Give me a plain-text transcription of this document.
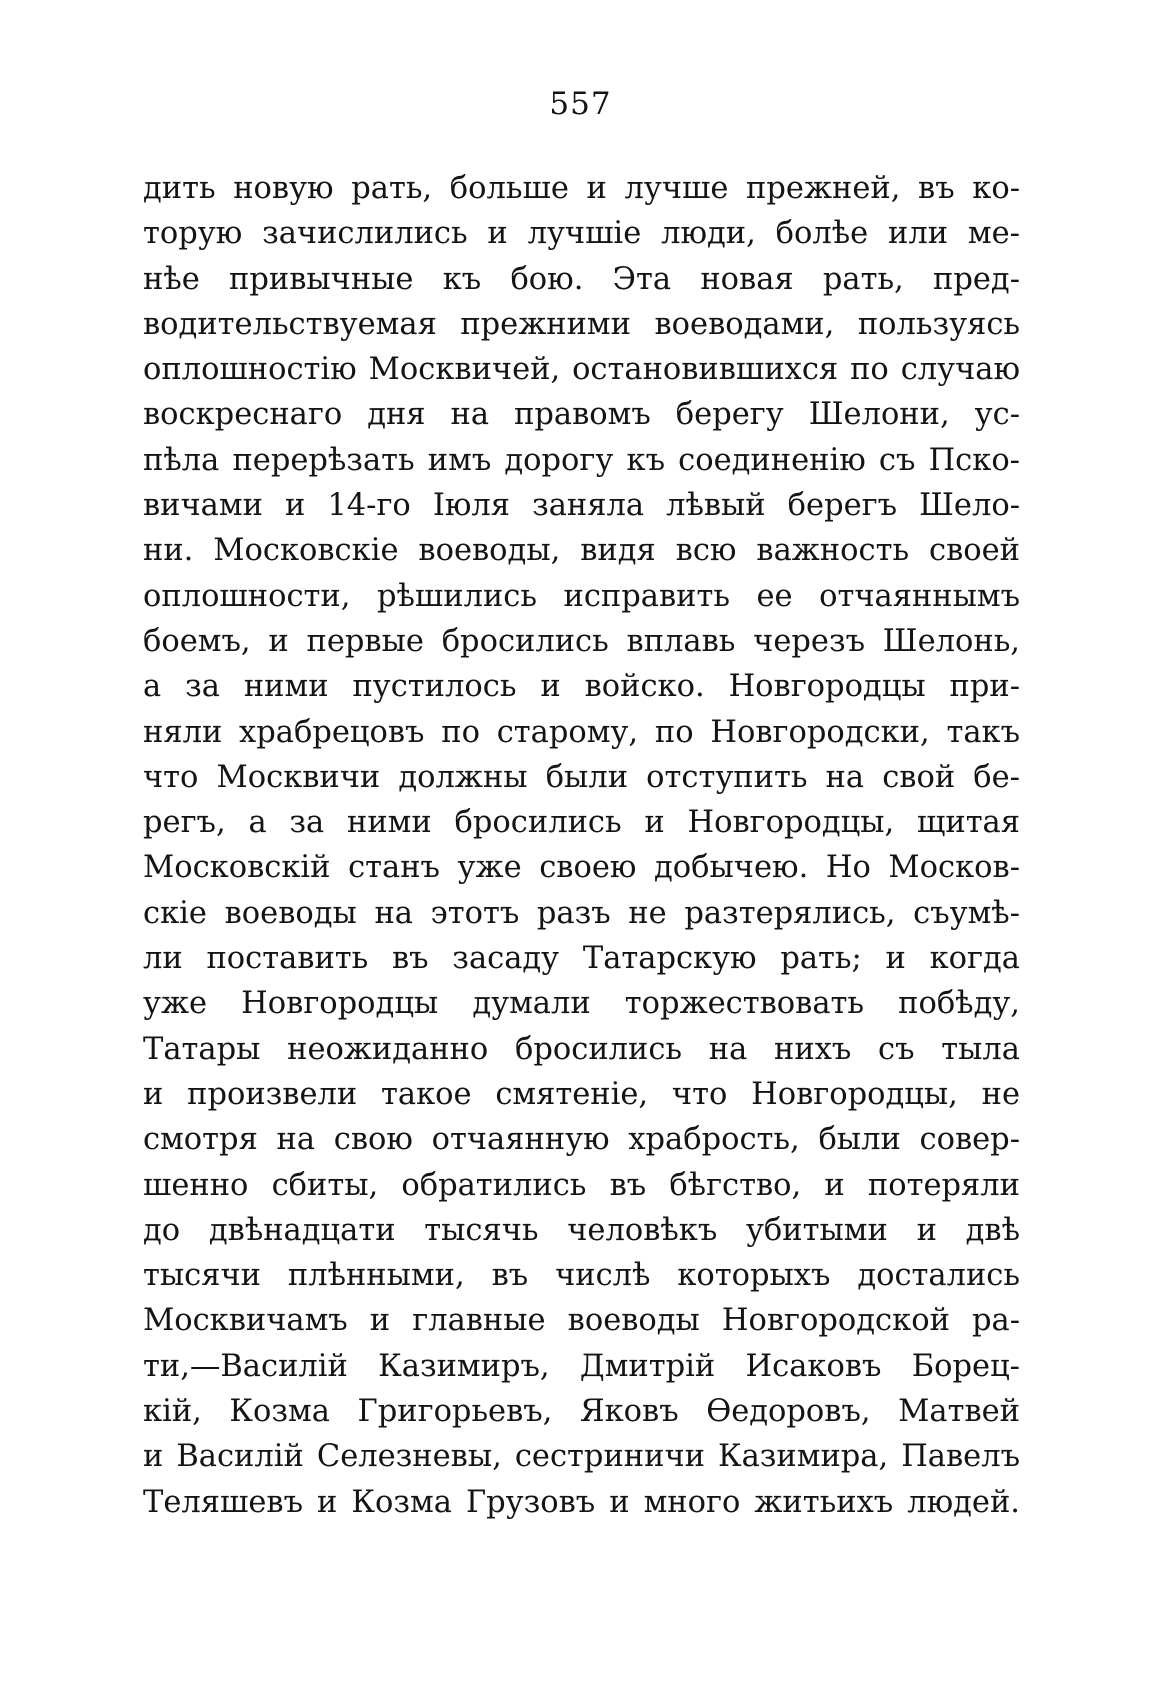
557
дить новую рать, больше и лучше прежней, въ ко-
торую зачислились и лучшіе люди, болѣе или ме-
нѣе привычные къ бою. Эта новая рать, пред-
водительствуемая прежними воеводами, пользуясь
оплошностію Москвичей, остановившихся по случаю
воскреснаго дня на правомъ берегу Шелони, ус-
пѣла перерѣзать имъ дорогу къ соединенію съ Пско-
вичами и 14-го Іюля заняла лѣвый берегъ Шело-
ни. Московскіе воеводы, видя всю важность своей
оплошности, рѣшились исправить ее отчаяннымъ
боемъ, и первые бросились вплавь черезъ Шелонь,
а за ними пустилось и войско. Новгородцы при-
няли храбрецовъ по старому, по Новгородски, такъ
что Москвичи должны были отступить на свой бе-
регъ, а за ними бросились и Новгородцы, щитая
Московскій станъ уже своею добычею. Но Москов-
скіе воеводы на этотъ разъ не разтерялись, съумѣ-
ли поставить въ засаду Татарскую рать; и когда
уже Новгородцы думали торжествовать побѣду,
Татары неожиданно бросились на нихъ съ тыла
и произвели такое смятеніе, что Новгородцы, не
смотря на свою отчаянную храбрость, были совер-
шенно сбиты, обратились въ бѣгство, и потеряли
до двѣнадцати тысячь человѣкъ убитыми и двѣ
тысячи плѣнными, въ числѣ которыхъ достались
Москвичамъ и главные воеводы Новгородской ра-
ти,—Василій Казимиръ, Дмитрій Исаковъ Борец-
кій, Козма Григорьевъ, Яковъ Ѳедоровъ, Матвей
и Василій Селезневы, сестриничи Казимира, Павелъ
Теляшевъ и Козма Грузовъ и много житьихъ людей.
